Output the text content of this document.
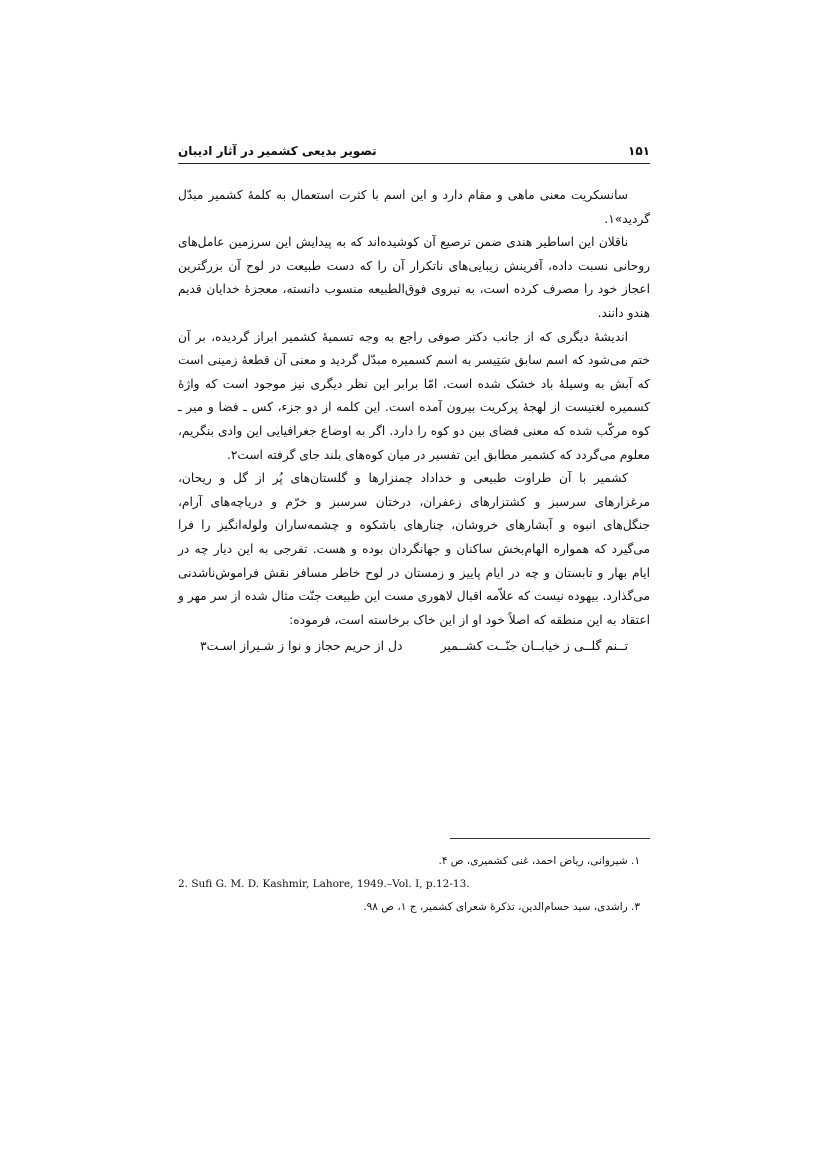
۱۵۱
تصویر بدیعی کشمیر در آثار ادیبان

سانسکریت معنی ماهی و مقام دارد و این اسم با کثرت استعمال به کلمهٔ کشمیر مبدّل گردید»۱.

ناقلان این اساطیر هندی ضمن ترصیع آن کوشیده‌اند که به پیدایش این سرزمین عامل‌های روحانی نسبت داده، آفرینش زیبایی‌های ناتکرار آن را که دست طبیعت در لوح آن بزرگترین اعجاز خود را مصرف کرده است، به نیروی فوق‌الطبیعه منسوب دانسته، معجزهٔ خدایان قدیم هندو دانند.

اندیشهٔ دیگری که از جانب دکتر صوفی راجع به وجه تسمیهٔ کشمیر ابراز گردیده، بر آن ختم می‌شود که اسم سابق سَتِیسر به اسم کسمیره مبدّل گردید و معنی آن قطعهٔ زمینی است که آبش به وسیلهٔ باد خشک شده است. امّا برابر این نظر دیگری نیز موجود است که واژهٔ کسمیره لغتیست از لهجهٔ پرکریت بیرون آمده است. این کلمه از دو جزء، کس ـ فضا و میر ـ کوه مرکّب شده که معنی فضای بین دو کوه را دارد. اگر به اوضاع جغرافیایی این وادی بنگریم، معلوم می‌گردد که کشمیر مطابق این تفسیر در میان کوه‌های بلند جای گرفته است۲.

کشمیر با آن طراوت طبیعی و خداداد چمنزارها و گلستان‌های پُر از گل و ریحان، مرغزارهای سرسبز و کشتزارهای زعفران، درختان سرسبز و خرّم و دریاچه‌های آرام، جنگل‌های انبوه و آبشارهای خروشان، چنارهای باشکوه و چشمه‌ساران ولوله‌انگیز را فرا می‌گیرد که همواره الهام‌بخش ساکنان و جهانگردان بوده و هست. تفرجی به این دیار چه در ایام بهار و تابستان و چه در ایام پاییز و زمستان در لوح خاطر مسافر نقش فراموش‌ناشدنی می‌گذارد. بیهوده نیست که علاّمه اقبال لاهوری مست این طبیعت جنّت مثال شده از سر مهر و اعتقاد به این منطقه که اصلاً خود او از این خاک برخاسته است، فرموده:

تــنم گلــی ز خیابــان جنّــت کشــمیر
دل از حریم حجاز و نوا ز شـیراز اسـت۳
۱. شیروانی، ریاض احمد، غنی کشمیری، ص ۴.
2. Sufi G. M. D. Kashmir, Lahore, 1949.–Vol. I, p.12-13.
۳. راشدی، سید حسام‌الدین، تذکرهٔ شعرای کشمیر، ج ۱، ص ۹۸.
